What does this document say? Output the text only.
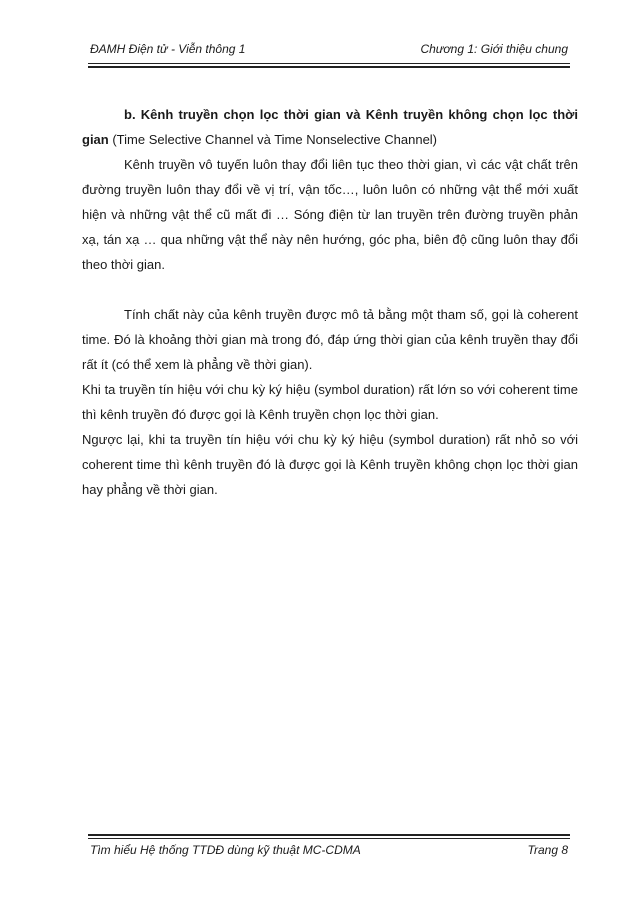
ĐAMH Điện tử - Viễn thông 1	Chương 1: Giới thiệu chung

b. Kênh truyền chọn lọc thời gian và Kênh truyền không chọn lọc thời gian (Time Selective Channel và Time Nonselective Channel)

Kênh truyền vô tuyến luôn thay đổi liên tục theo thời gian, vì các vật chất trên đường truyền luôn thay đổi về vị trí, vận tốc…, luôn luôn có những vật thể mới xuất hiện và những vật thể cũ mất đi … Sóng điện từ lan truyền trên đường truyền phản xạ, tán xạ … qua những vật thể này nên hướng, góc pha, biên độ cũng luôn thay đổi theo thời gian.

Tính chất này của kênh truyền được mô tả bằng một tham số, gọi là coherent time. Đó là khoảng thời gian mà trong đó, đáp ứng thời gian của kênh truyền thay đổi rất ít (có thể xem là phẳng về thời gian).

Khi ta truyền tín hiệu với chu kỳ ký hiệu (symbol duration) rất lớn so với coherent time thì kênh truyền đó được gọi là Kênh truyền chọn lọc thời gian.

Ngược lại, khi ta truyền tín hiệu với chu kỳ ký hiệu (symbol duration) rất nhỏ so với coherent time thì kênh truyền đó là được gọi là Kênh truyền không chọn lọc thời gian hay phẳng về thời gian.

Tìm hiểu Hệ thống TTDĐ dùng kỹ thuật MC-CDMA	Trang 8
